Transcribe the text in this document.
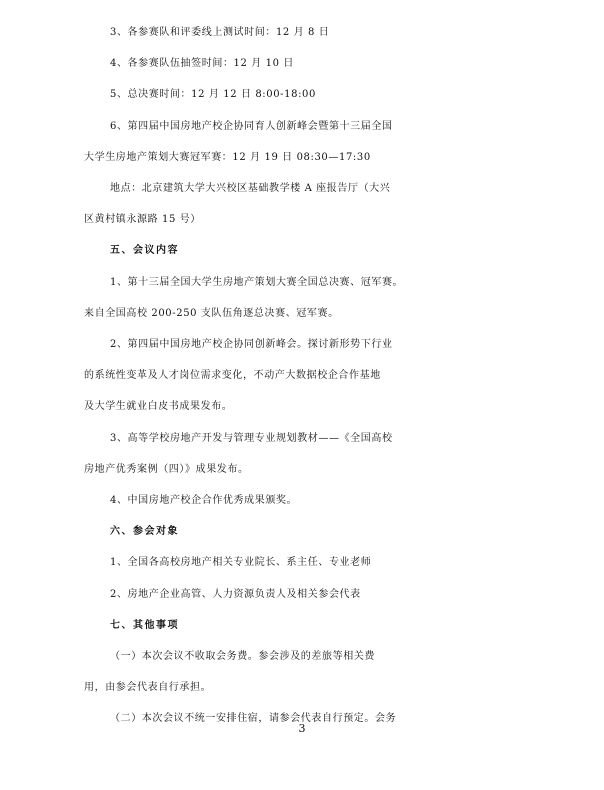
3、各参赛队和评委线上测试时间：12 月 8 日
4、各参赛队伍抽签时间：12 月 10 日
5、总决赛时间：12 月 12 日 8:00-18:00
6、第四届中国房地产校企协同育人创新峰会暨第十三届全国
大学生房地产策划大赛冠军赛：12 月 19 日 08:30—17:30
地点：北京建筑大学大兴校区基础教学楼 A 座报告厅（大兴
区黄村镇永源路 15 号）
五、会议内容
1、第十三届全国大学生房地产策划大赛全国总决赛、冠军赛。
来自全国高校 200-250 支队伍角逐总决赛、冠军赛。
2、第四届中国房地产校企协同创新峰会。探讨新形势下行业
的系统性变革及人才岗位需求变化，不动产大数据校企合作基地
及大学生就业白皮书成果发布。
3、高等学校房地产开发与管理专业规划教材——《全国高校
房地产优秀案例（四）》成果发布。
4、中国房地产校企合作优秀成果颁奖。
六、参会对象
1、全国各高校房地产相关专业院长、系主任、专业老师
2、房地产企业高管、人力资源负责人及相关参会代表
七、其他事项
（一）本次会议不收取会务费。参会涉及的差旅等相关费
用，由参会代表自行承担。
（二）本次会议不统一安排住宿，请参会代表自行预定。会务
3
